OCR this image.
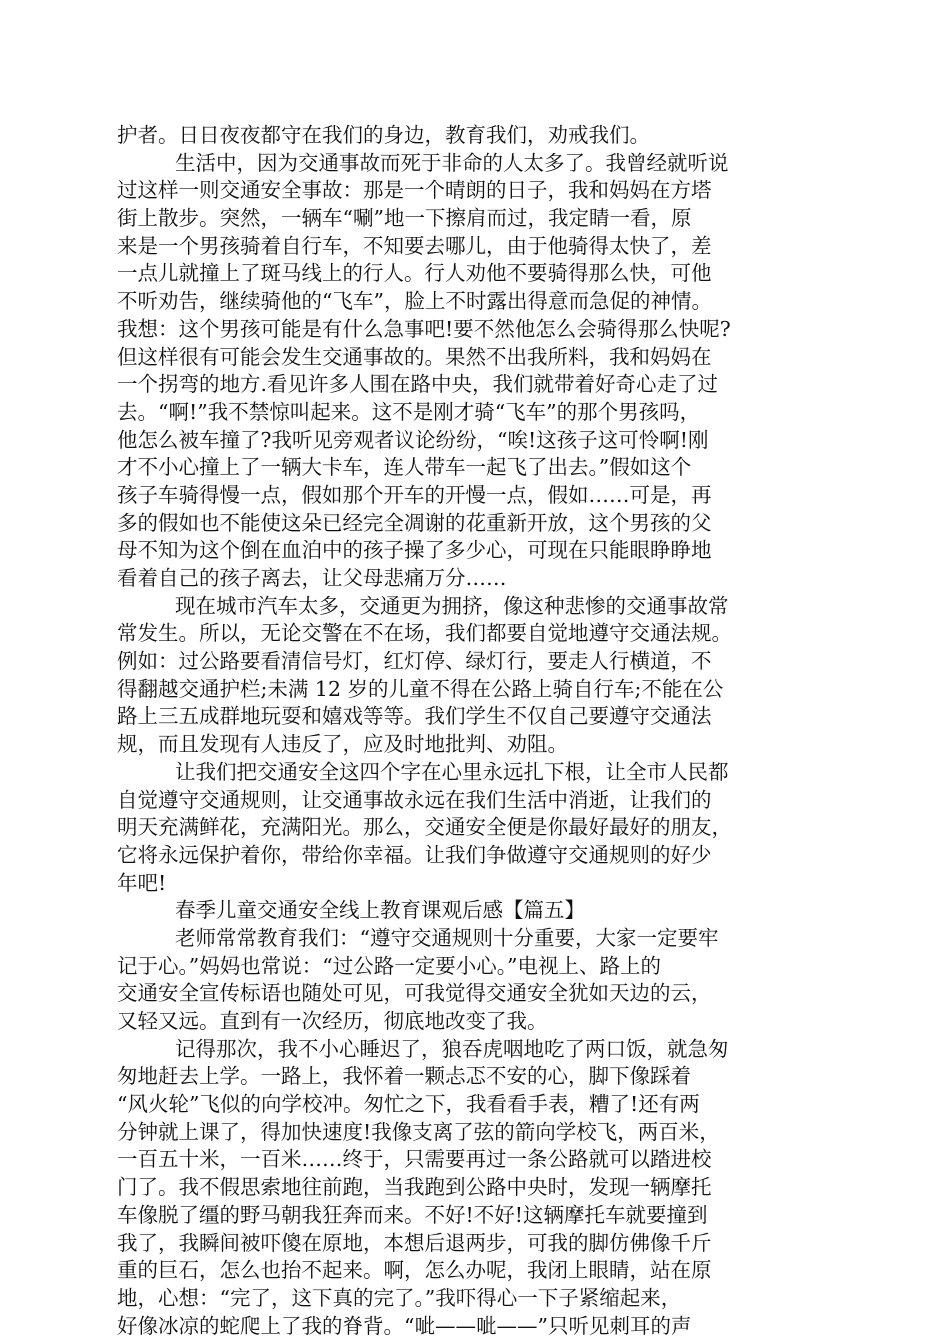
护者。日日夜夜都守在我们的身边，教育我们，劝戒我们。
生活中，因为交通事故而死于非命的人太多了。我曾经就听说
过这样一则交通安全事故：那是一个晴朗的日子，我和妈妈在方塔
街上散步。突然，一辆车“唰”地一下擦肩而过，我定睛一看，原
来是一个男孩骑着自行车，不知要去哪儿，由于他骑得太快了，差
一点儿就撞上了斑马线上的行人。行人劝他不要骑得那么快，可他
不听劝告，继续骑他的“飞车”，脸上不时露出得意而急促的神情。
我想：这个男孩可能是有什么急事吧!要不然他怎么会骑得那么快呢?
但这样很有可能会发生交通事故的。果然不出我所料，我和妈妈在
一个拐弯的地方.看见许多人围在路中央，我们就带着好奇心走了过
去。“啊!”我不禁惊叫起来。这不是刚才骑“飞车”的那个男孩吗，
他怎么被车撞了?我听见旁观者议论纷纷，“唉!这孩子这可怜啊!刚
才不小心撞上了一辆大卡车，连人带车一起飞了出去。”假如这个
孩子车骑得慢一点，假如那个开车的开慢一点，假如……可是，再
多的假如也不能使这朵已经完全凋谢的花重新开放，这个男孩的父
母不知为这个倒在血泊中的孩子操了多少心，可现在只能眼睁睁地
看着自己的孩子离去，让父母悲痛万分……
现在城市汽车太多，交通更为拥挤，像这种悲惨的交通事故常
常发生。所以，无论交警在不在场，我们都要自觉地遵守交通法规。
例如：过公路要看清信号灯，红灯停、绿灯行，要走人行横道，不
得翻越交通护栏;未满 12 岁的儿童不得在公路上骑自行车;不能在公
路上三五成群地玩耍和嬉戏等等。我们学生不仅自己要遵守交通法
规，而且发现有人违反了，应及时地批判、劝阻。
让我们把交通安全这四个字在心里永远扎下根，让全市人民都
自觉遵守交通规则，让交通事故永远在我们生活中消逝，让我们的
明天充满鲜花，充满阳光。那么，交通安全便是你最好最好的朋友，
它将永远保护着你，带给你幸福。让我们争做遵守交通规则的好少
年吧!
春季儿童交通安全线上教育课观后感【篇五】
老师常常教育我们：“遵守交通规则十分重要，大家一定要牢
记于心。”妈妈也常说：“过公路一定要小心。”电视上、路上的
交通安全宣传标语也随处可见，可我觉得交通安全犹如天边的云，
又轻又远。直到有一次经历，彻底地改变了我。
记得那次，我不小心睡迟了，狼吞虎咽地吃了两口饭，就急匆
匆地赶去上学。一路上，我怀着一颗忐忑不安的心，脚下像踩着
“风火轮”飞似的向学校冲。匆忙之下，我看看手表，糟了!还有两
分钟就上课了，得加快速度!我像支离了弦的箭向学校飞，两百米，
一百五十米，一百米……终于，只需要再过一条公路就可以踏进校
门了。我不假思索地往前跑，当我跑到公路中央时，发现一辆摩托
车像脱了缰的野马朝我狂奔而来。不好!不好!这辆摩托车就要撞到
我了，我瞬间被吓傻在原地，本想后退两步，可我的脚仿佛像千斤
重的巨石，怎么也抬不起来。啊，怎么办呢，我闭上眼睛，站在原
地，心想：“完了，这下真的完了。”我吓得心一下子紧缩起来，
好像冰凉的蛇爬上了我的脊背。“呲——呲——”只听见刺耳的声
